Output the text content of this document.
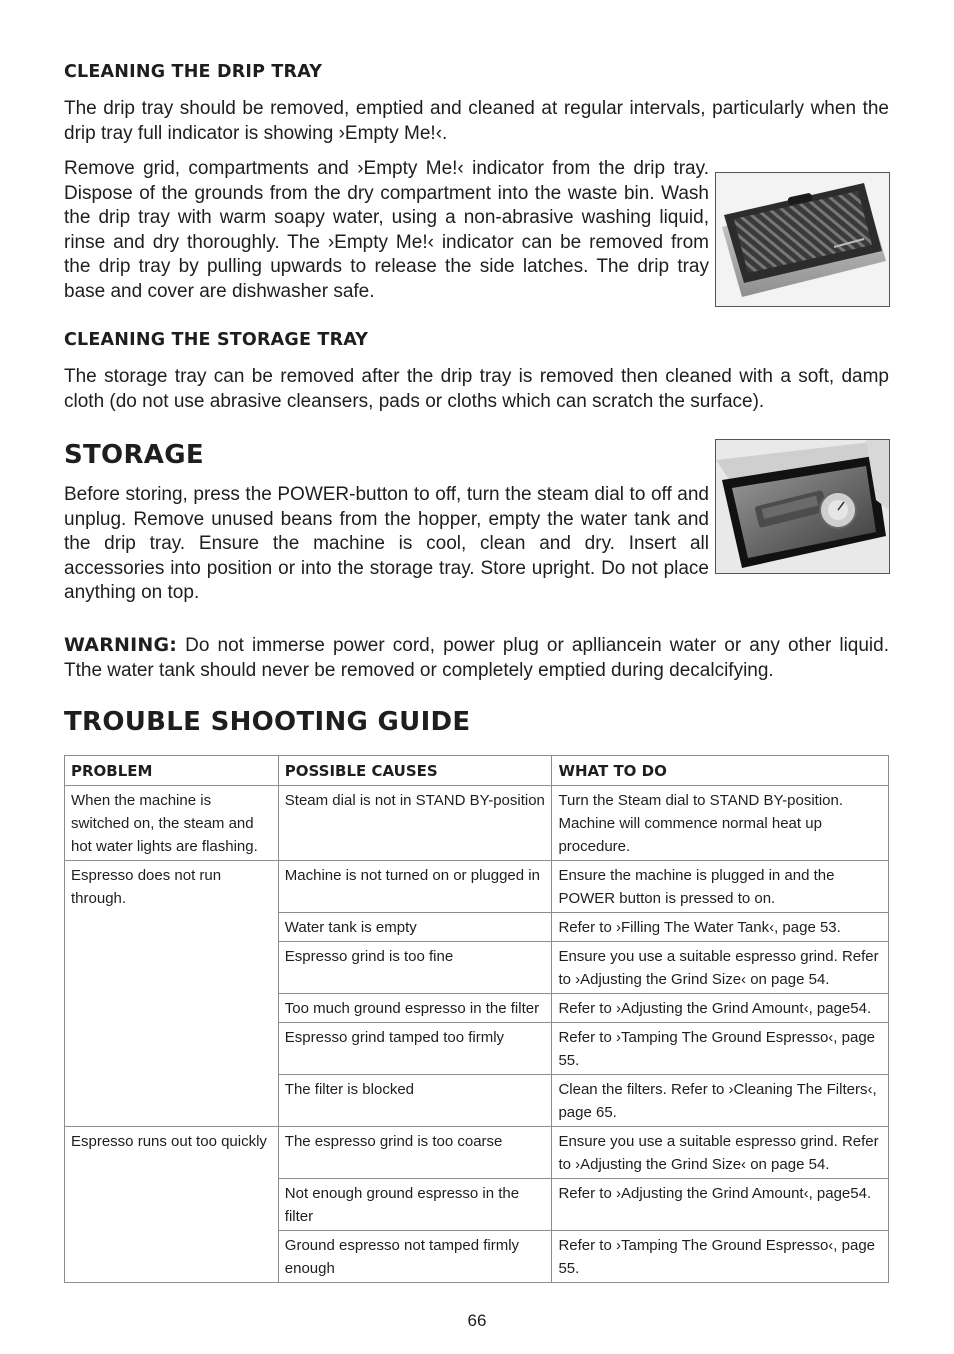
CLEANING THE DRIP TRAY
The drip tray should be removed, emptied and cleaned at regular intervals, particularly when the drip tray full indicator is showing ›Empty Me!‹.
Remove grid, compartments and ›Empty Me!‹ indicator from the drip tray. Dispose of the grounds from the dry compartment into the waste bin. Wash the drip tray with warm soapy water, using a non-abrasive washing liquid, rinse and dry thoroughly. The ›Empty Me!‹ indicator can be removed from the drip tray by pulling upwards to release the side latches. The drip tray base and cover are dishwasher safe.
CLEANING THE STORAGE TRAY
The storage tray can be removed after the drip tray is removed then cleaned with a soft, damp cloth (do not use abrasive cleansers, pads or cloths which can scratch the surface).
STORAGE
Before storing, press the POWER-button to off, turn the steam dial to off and unplug. Remove unused beans from the hopper, empty the water tank and the drip tray. Ensure the machine is cool, clean and dry. Insert all accessories into position or into the storage tray. Store upright. Do not place anything on top.
WARNING: Do not immerse power cord, power plug or aplliancein water or any other liquid. Tthe water tank should never be removed or completely emptied during decalcifying.
TROUBLE SHOOTING GUIDE
PROBLEM	POSSIBLE CAUSES	WHAT TO DO
When the machine is switched on, the steam and hot water lights are flashing.	Steam dial is not in STAND BY-position	Turn the Steam dial to STAND BY-position. Machine will commence normal heat up procedure.
Espresso does not run through.	Machine is not turned on or plugged in	Ensure the machine is plugged in and the POWER button is pressed to on.
	Water tank is empty	Refer to ›Filling The Water Tank‹, page 53.
	Espresso grind is too fine	Ensure you use a suitable espresso grind. Refer to ›Adjusting the Grind Size‹ on page 54.
	Too much ground espresso in the filter	Refer to ›Adjusting the Grind Amount‹, page54.
	Espresso grind tamped too firmly	Refer to ›Tamping The Ground Espresso‹, page 55.
	The filter is blocked	Clean the filters. Refer to ›Cleaning The Filters‹, page 65.
Espresso runs out too quickly	The espresso grind is too coarse	Ensure you use a suitable espresso grind. Refer to ›Adjusting the Grind Size‹ on page 54.
	Not enough ground espresso in the filter	Refer to ›Adjusting the Grind Amount‹, page54.
	Ground espresso not tamped firmly enough	Refer to ›Tamping The Ground Espresso‹, page 55.
66
